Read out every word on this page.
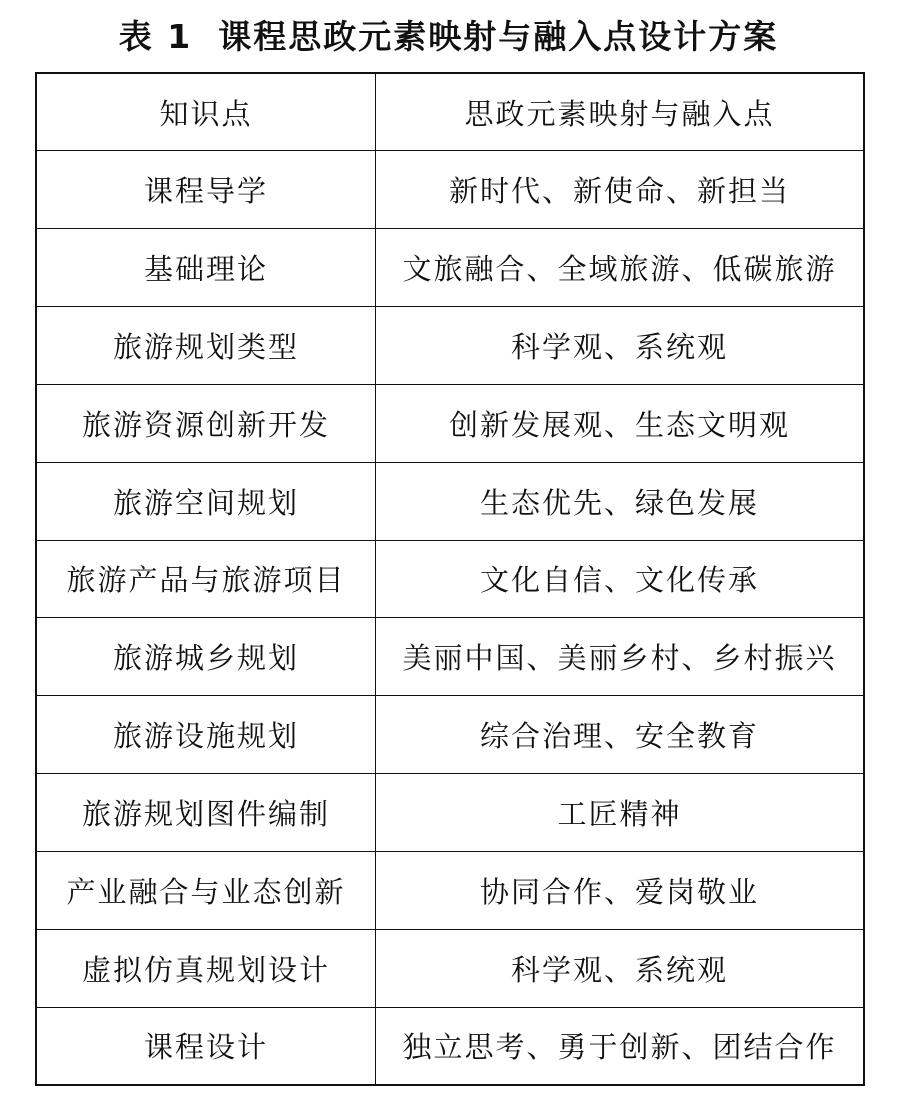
表 1 课程思政元素映射与融入点设计方案
知识点	思政元素映射与融入点
课程导学	新时代、新使命、新担当
基础理论	文旅融合、全域旅游、低碳旅游
旅游规划类型	科学观、系统观
旅游资源创新开发	创新发展观、生态文明观
旅游空间规划	生态优先、绿色发展
旅游产品与旅游项目	文化自信、文化传承
旅游城乡规划	美丽中国、美丽乡村、乡村振兴
旅游设施规划	综合治理、安全教育
旅游规划图件编制	工匠精神
产业融合与业态创新	协同合作、爱岗敬业
虚拟仿真规划设计	科学观、系统观
课程设计	独立思考、勇于创新、团结合作
